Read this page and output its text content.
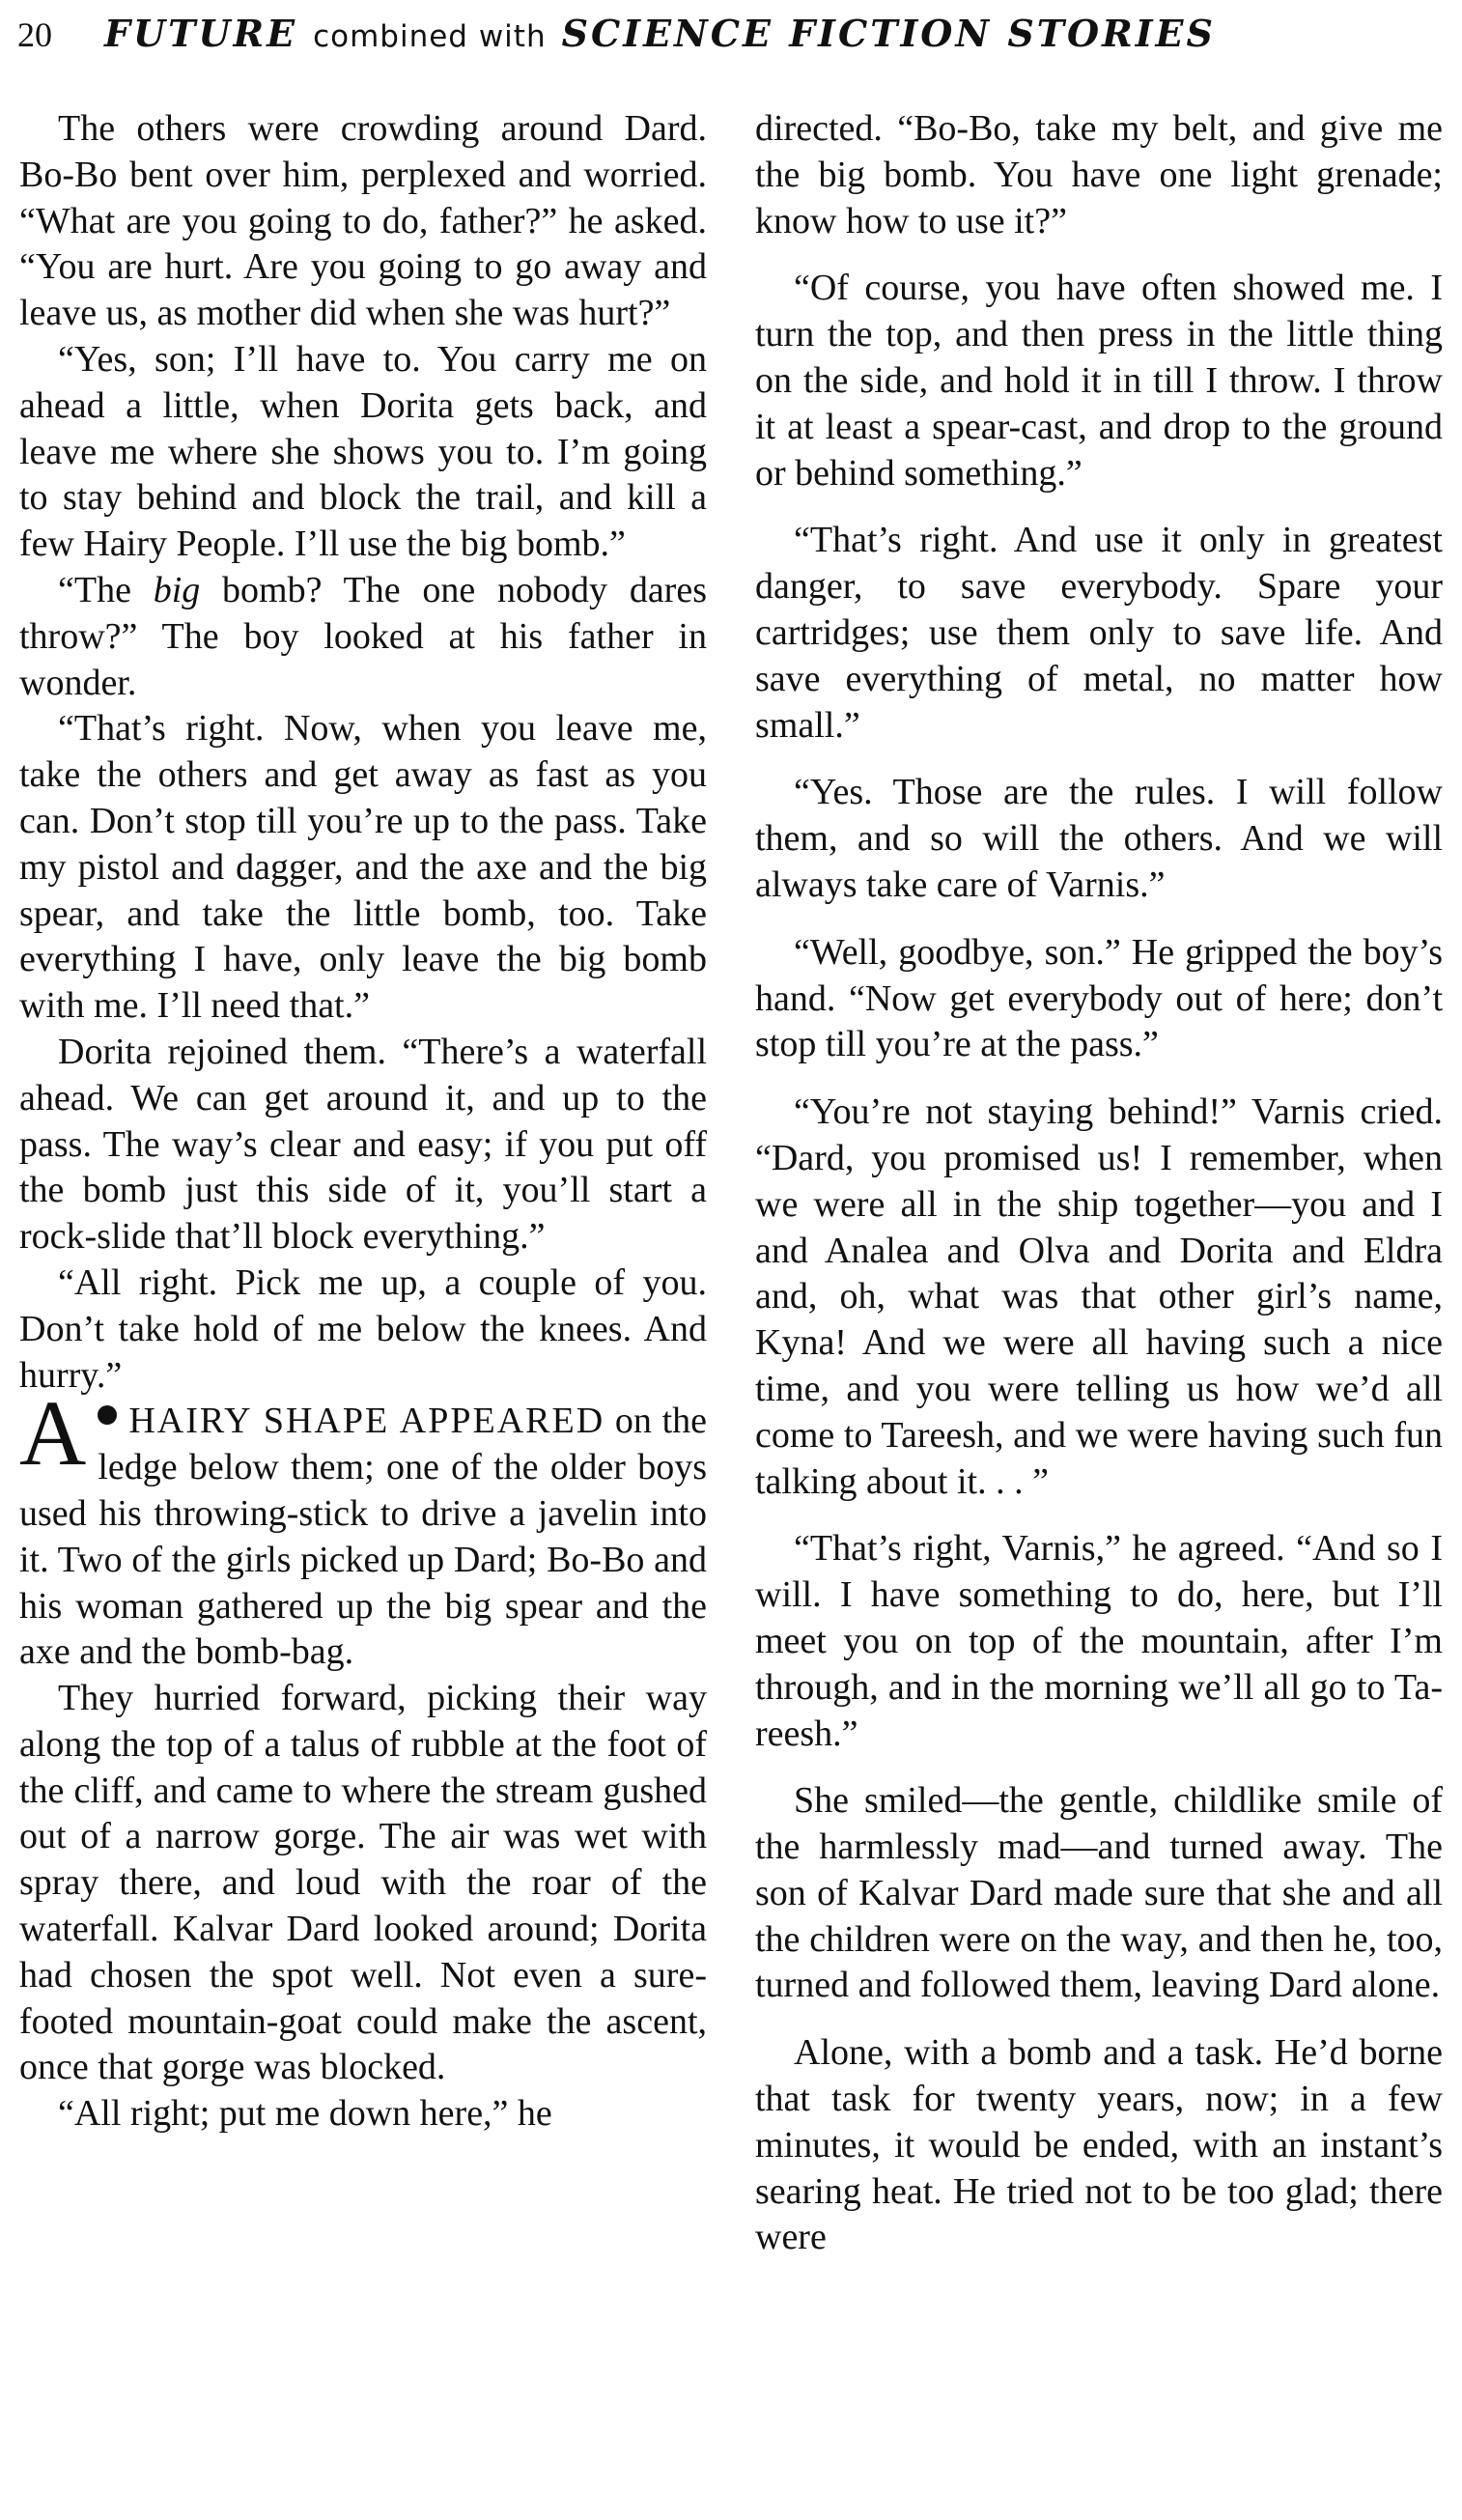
20	FUTURE combined with SCIENCE FICTION STORIES

The others were crowding around Dard. Bo-Bo bent over him, perplexed and worried. “What are you going to do, father?” he asked. “You are hurt. Are you going to go away and leave us, as mother did when she was hurt?”

“Yes, son; I’ll have to. You carry me on ahead a little, when Dorita gets back, and leave me where she shows you to. I’m going to stay behind and block the trail, and kill a few Hairy People. I’ll use the big bomb.”

“The big bomb? The one nobody dares throw?” The boy looked at his father in wonder.

“That’s right. Now, when you leave me, take the others and get away as fast as you can. Don’t stop till you’re up to the pass. Take my pistol and dagger, and the axe and the big spear, and take the little bomb, too. Take everything I have, only leave the big bomb with me. I’ll need that.”

Dorita rejoined them. “There’s a waterfall ahead. We can get around it, and up to the pass. The way’s clear and easy; if you put off the bomb just this side of it, you’ll start a rock-slide that’ll block everything.”

“All right. Pick me up, a couple of you. Don’t take hold of me below the knees. And hurry.”

A HAIRY SHAPE APPEARED on the ledge below them; one of the older boys used his throwing-stick to drive a javelin into it. Two of the girls picked up Dard; Bo-Bo and his woman gathered up the big spear and the axe and the bomb-bag.

They hurried forward, picking their way along the top of a talus of rubble at the foot of the cliff, and came to where the stream gushed out of a narrow gorge. The air was wet with spray there, and loud with the roar of the waterfall. Kalvar Dard looked around; Dorita had chosen the spot well. Not even a sure-footed mountain-goat could make the ascent, once that gorge was blocked.

“All right; put me down here,” he

directed. “Bo-Bo, take my belt, and give me the big bomb. You have one light grenade; know how to use it?”

“Of course, you have often showed me. I turn the top, and then press in the little thing on the side, and hold it in till I throw. I throw it at least a spear-cast, and drop to the ground or behind something.”

“That’s right. And use it only in greatest danger, to save everybody. Spare your cartridges; use them only to save life. And save everything of metal, no matter how small.”

“Yes. Those are the rules. I will follow them, and so will the others. And we will always take care of Varnis.”

“Well, goodbye, son.” He gripped the boy’s hand. “Now get everybody out of here; don’t stop till you’re at the pass.”

“You’re not staying behind!” Varnis cried. “Dard, you promised us! I remember, when we were all in the ship together—you and I and Analea and Olva and Dorita and Eldra and, oh, what was that other girl’s name, Kyna! And we were all having such a nice time, and you were telling us how we’d all come to Tareesh, and we were having such fun talking about it. . . ”

“That’s right, Varnis,” he agreed. “And so I will. I have something to do, here, but I’ll meet you on top of the mountain, after I’m through, and in the morning we’ll all go to Tareesh.”

She smiled—the gentle, childlike smile of the harmlessly mad—and turned away. The son of Kalvar Dard made sure that she and all the children were on the way, and then he, too, turned and followed them, leaving Dard alone.

Alone, with a bomb and a task. He’d borne that task for twenty years, now; in a few minutes, it would be ended, with an instant’s searing heat. He tried not to be too glad; there were
